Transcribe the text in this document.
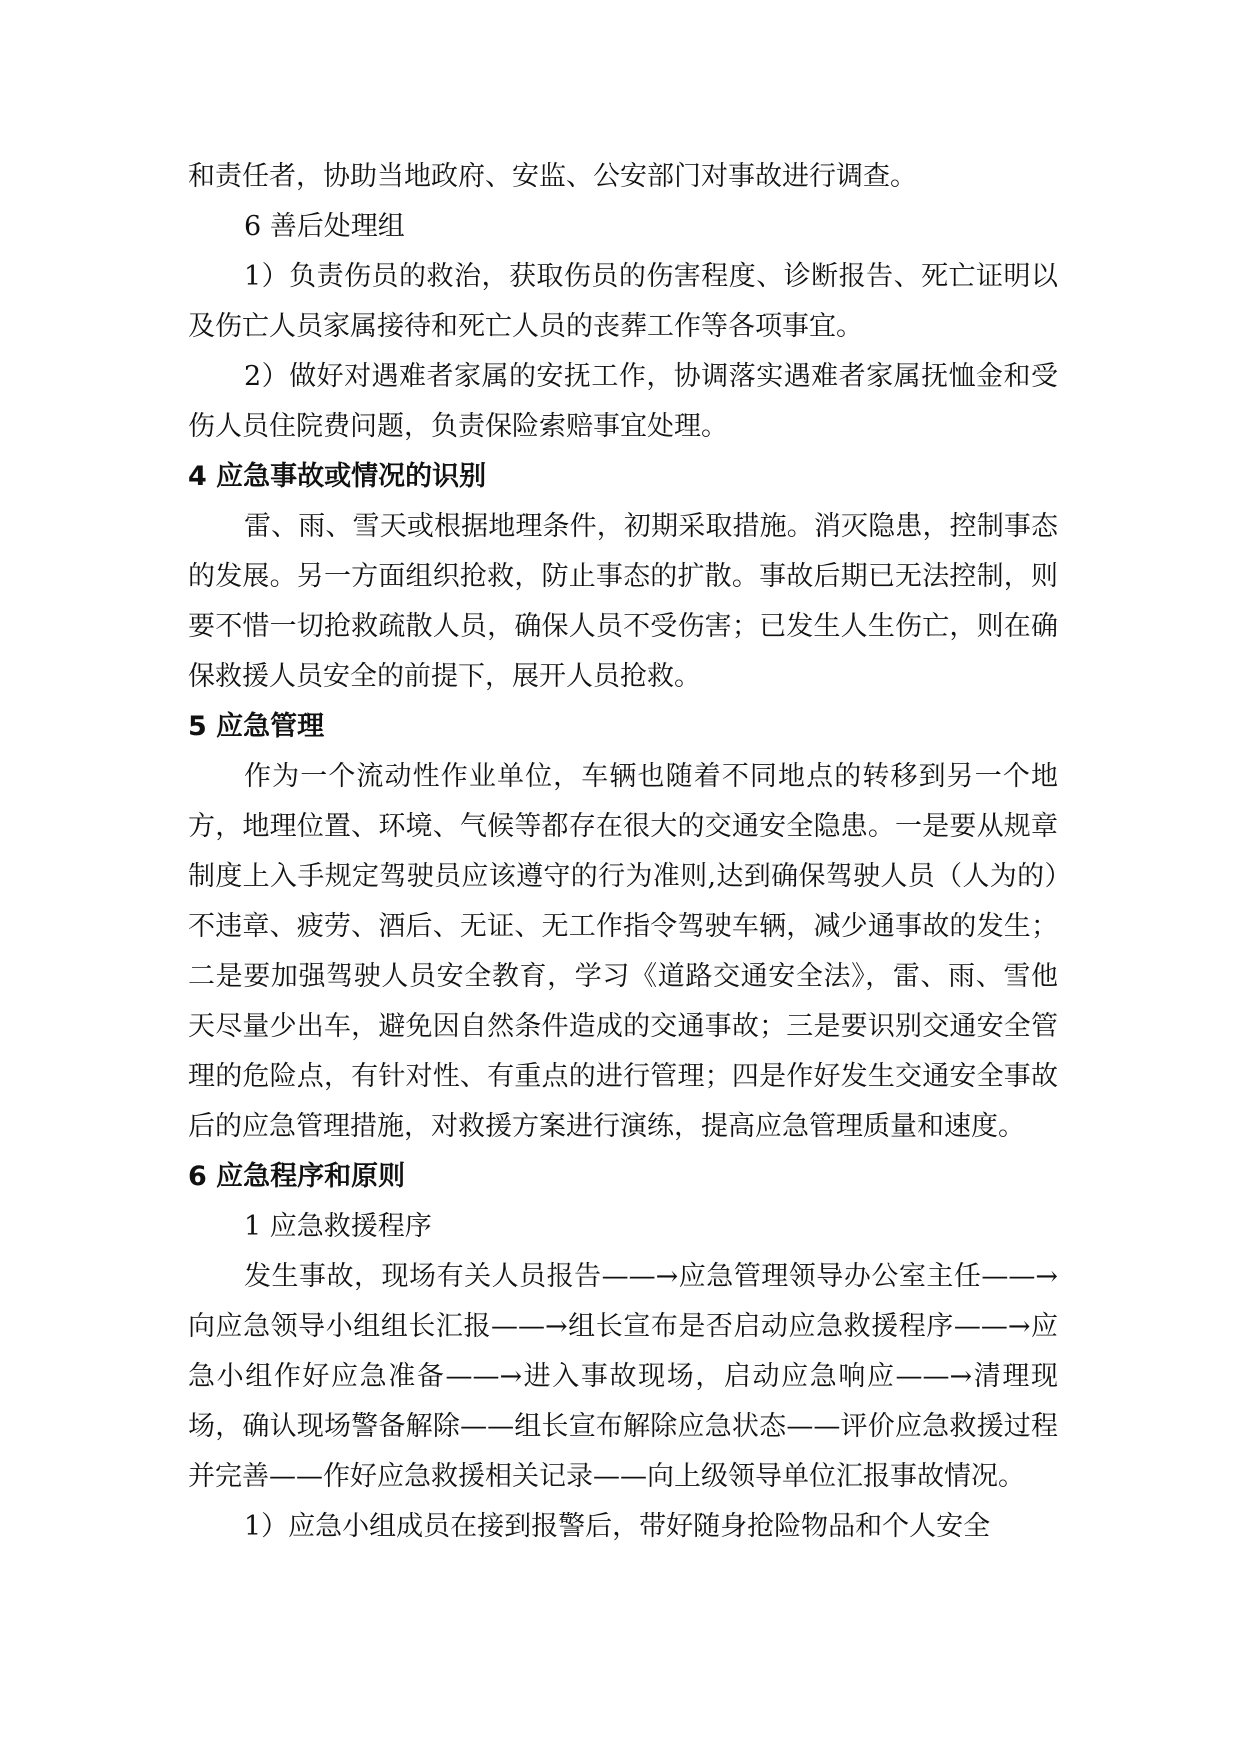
和责任者，协助当地政府、安监、公安部门对事故进行调查。

6 善后处理组

1）负责伤员的救治，获取伤员的伤害程度、诊断报告、死亡证明以及伤亡人员家属接待和死亡人员的丧葬工作等各项事宜。

2）做好对遇难者家属的安抚工作，协调落实遇难者家属抚恤金和受伤人员住院费问题，负责保险索赔事宜处理。

4 应急事故或情况的识别

雷、雨、雪天或根据地理条件，初期采取措施。消灭隐患，控制事态的发展。另一方面组织抢救，防止事态的扩散。事故后期已无法控制，则要不惜一切抢救疏散人员，确保人员不受伤害；已发生人生伤亡，则在确保救援人员安全的前提下，展开人员抢救。

5 应急管理

作为一个流动性作业单位，车辆也随着不同地点的转移到另一个地方，地理位置、环境、气候等都存在很大的交通安全隐患。一是要从规章制度上入手规定驾驶员应该遵守的行为准则,达到确保驾驶人员（人为的）不违章、疲劳、酒后、无证、无工作指令驾驶车辆，减少通事故的发生；二是要加强驾驶人员安全教育，学习《道路交通安全法》，雷、雨、雪他天尽量少出车，避免因自然条件造成的交通事故；三是要识别交通安全管理的危险点，有针对性、有重点的进行管理；四是作好发生交通安全事故后的应急管理措施，对救援方案进行演练，提高应急管理质量和速度。

6 应急程序和原则

1 应急救援程序

发生事故，现场有关人员报告——→应急管理领导办公室主任——→向应急领导小组组长汇报——→组长宣布是否启动应急救援程序——→应急小组作好应急准备——→进入事故现场，启动应急响应——→清理现场，确认现场警备解除——组长宣布解除应急状态——评价应急救援过程并完善——作好应急救援相关记录——向上级领导单位汇报事故情况。

1）应急小组成员在接到报警后，带好随身抢险物品和个人安全
